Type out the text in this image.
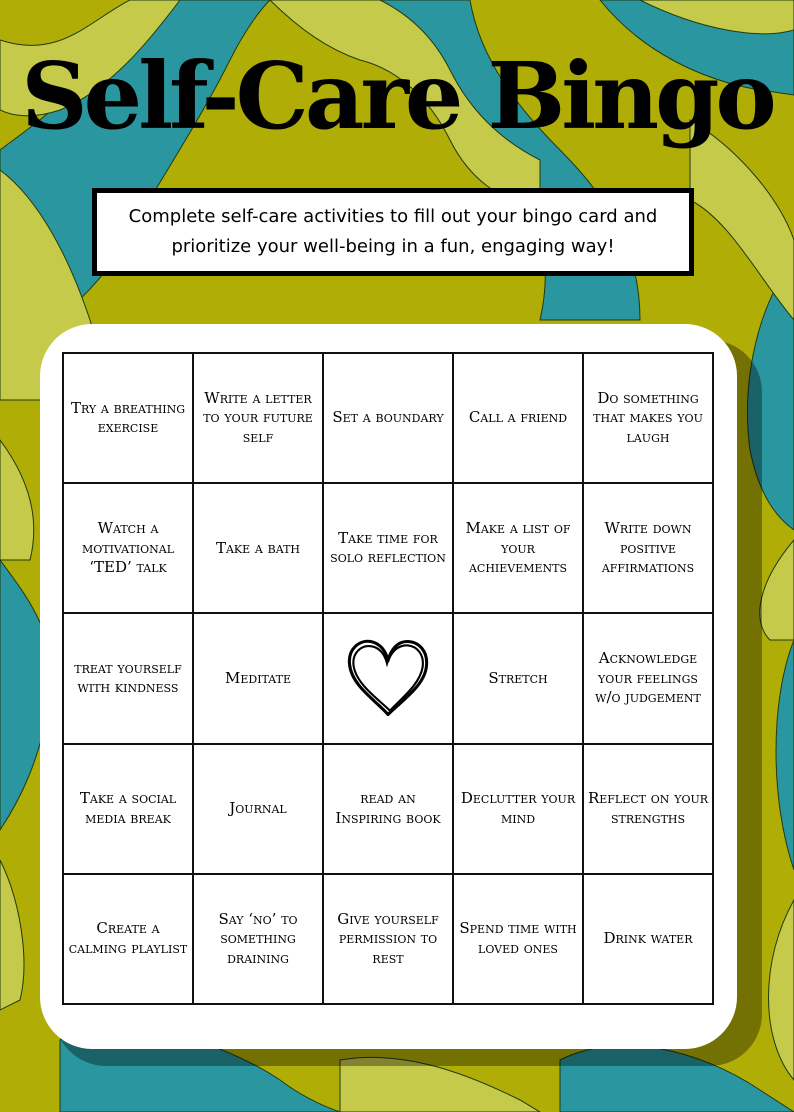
Self-Care Bingo

Complete self-care activities to fill out your bingo card and prioritize your well-being in a fun, engaging way!

Try a breathing exercise
Write a letter to your future self
Set a boundary Call a friend
Do something that makes you laugh
Watch a motivational ‘TED’ talk
Take a bath
Take time for solo reflection
Make a list of your achievements
Write down positive affirmations
treat yourself with kindness
Meditate	Stretch
Acknowledge your feelings w/o judgement
Take a social media break
Journal
read an Inspiring book
Declutter your mind
Reflect on your strengths
Create a calming playlist
Say ‘no’ to something draining
Give yourself permission to rest
Spend time with loved ones
Drink water
